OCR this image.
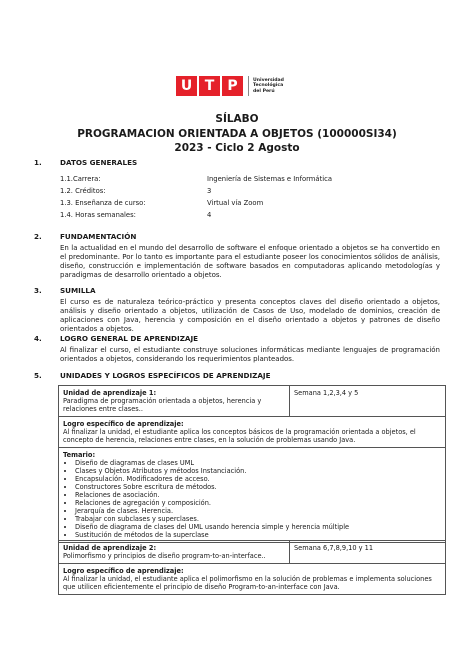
U T P	Universidad
Tecnológica
del Perú
SÍLABO
PROGRAMACION ORIENTADA A OBJETOS (100000SI34)
2023 - Ciclo 2 Agosto
1.	DATOS GENERALES
1.1.Carrera:	Ingeniería de Sistemas e Informática
1.2. Créditos:	3
1.3. Enseñanza de curso:	Virtual vía Zoom
1.4. Horas semanales:	4
2.	FUNDAMENTACIÓN
En la actualidad en el mundo del desarrollo de software el enfoque orientado a objetos se ha convertido en el predominante. Por lo tanto es importante para el estudiante poseer los conocimientos sólidos de análisis, diseño, construcción e implementación de software basados en computadoras aplicando metodologías y paradigmas de desarrollo orientado a objetos.
3.	SUMILLA
El curso es de naturaleza teórico-práctico y presenta conceptos claves del diseño orientado a objetos, análisis y diseño orientado a objetos, utilización de Casos de Uso, modelado de dominios, creación de aplicaciones con Java, herencia y composición en el diseño orientado a objetos y patrones de diseño orientados a objetos.
4.	LOGRO GENERAL DE APRENDIZAJE
Al finalizar el curso, el estudiante construye soluciones informáticas mediante lenguajes de programación orientados a objetos, considerando los requerimientos planteados.
5.	UNIDADES Y LOGROS ESPECÍFICOS DE APRENDIZAJE
Unidad de aprendizaje 1:
Paradigma de programación orientada a objetos, herencia y relaciones entre clases..
	Semana 1,2,3,4 y 5

Logro específico de aprendizaje:
Al finalizar la unidad, el estudiante aplica los conceptos básicos de la programación orientada a objetos, el concepto de herencia, relaciones entre clases, en la solución de problemas usando Java.

Temario:
• Diseño de diagramas de clases UML
• Clases y Objetos Atributos y métodos Instanciación.
• Encapsulación. Modificadores de acceso.
• Constructores Sobre escritura de métodos.
• Relaciones de asociación.
• Relaciones de agregación y composición.
• Jerarquía de clases. Herencia.
• Trabajar con subclases y superclases.
• Diseño de diagrama de clases del UML usando herencia simple y herencia múltiple
• Sustitución de métodos de la superclase
Unidad de aprendizaje 2:
Polimorfismo y principios de diseño program-to-an-interface..
	Semana 6,7,8,9,10 y 11

Logro específico de aprendizaje:
Al finalizar la unidad, el estudiante aplica el polimorfismo en la solución de problemas e implementa soluciones que utilicen eficientemente el principio de diseño Program-to-an-interface con Java.
